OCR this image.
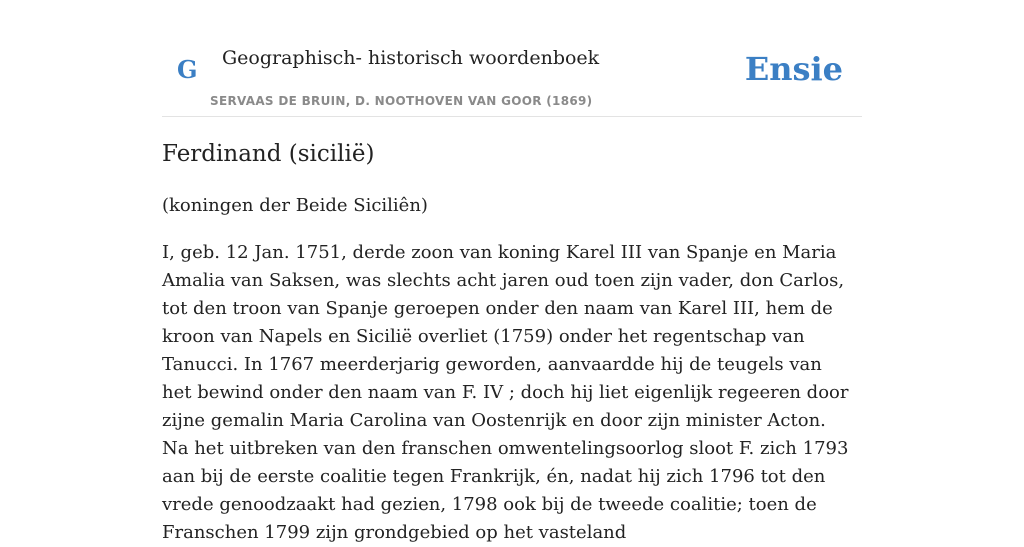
G Geographisch- historisch woordenboek
SERVAAS DE BRUIN, D. NOOTHOVEN VAN GOOR (1869)
Ensie
Ferdinand (sicilië)

(koningen der Beide Siciliên)

I, geb. 12 Jan. 1751, derde zoon van koning Karel III van Spanje en Maria Amalia van Saksen, was slechts acht jaren oud toen zijn vader, don Carlos, tot den troon van Spanje geroepen onder den naam van Karel III, hem de kroon van Napels en Sicilië overliet (1759) onder het regentschap van Tanucci. In 1767 meerderjarig geworden, aanvaardde hij de teugels van het bewind onder den naam van F. IV ; doch hij liet eigenlijk regeeren door zijne gemalin Maria Carolina van Oostenrijk en door zijn minister Acton. Na het uitbreken van den franschen omwentelingsoorlog sloot F. zich 1793 aan bij de eerste coalitie tegen Frankrijk, én, nadat hij zich 1796 tot den vrede genoodzaakt had gezien, 1798 ook bij de tweede coalitie; toen de Franschen 1799 zijn grondgebied op het vasteland
